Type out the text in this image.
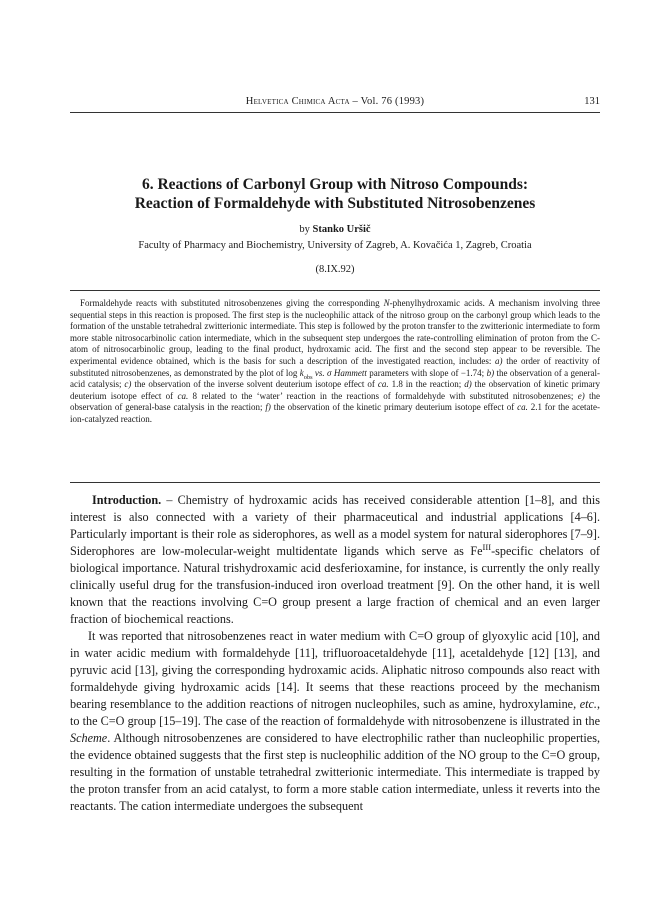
Helvetica Chimica Acta – Vol. 76 (1993)	131
6. Reactions of Carbonyl Group with Nitroso Compounds:
Reaction of Formaldehyde with Substituted Nitrosobenzenes
by Stanko Uršič
Faculty of Pharmacy and Biochemistry, University of Zagreb, A. Kovačića 1, Zagreb, Croatia
(8.IX.92)
Formaldehyde reacts with substituted nitrosobenzenes giving the corresponding N-phenylhydroxamic acids. A mechanism involving three sequential steps in this reaction is proposed. The first step is the nucleophilic attack of the nitroso group on the carbonyl group which leads to the formation of the unstable tetrahedral zwitterionic intermediate. This step is followed by the proton transfer to the zwitterionic intermediate to form more stable nitrosocarbinolic cation intermediate, which in the subsequent step undergoes the rate-controlling elimination of proton from the C-atom of nitrosocarbinolic group, leading to the final product, hydroxamic acid. The first and the second step appear to be reversible. The experimental evidence obtained, which is the basis for such a description of the investigated reaction, includes: a) the order of reactivity of substituted nitrosobenzenes, as demonstrated by the plot of $\log k_{obs}$ vs. σ Hammett parameters with slope of −1.74; b) the observation of a general-acid catalysis; c) the observation of the inverse solvent deuterium isotope effect of ca. 1.8 in the reaction; d) the observation of kinetic primary deuterium isotope effect of ca. 8 related to the ‘water’ reaction in the reactions of formaldehyde with substituted nitrosobenzenes; e) the observation of general-base catalysis in the reaction; f) the observation of the kinetic primary deuterium isotope effect of ca. 2.1 for the acetate-ion-catalyzed reaction.

Introduction. – Chemistry of hydroxamic acids has received considerable attention [1–8], and this interest is also connected with a variety of their pharmaceutical and industrial applications [4–6]. Particularly important is their role as siderophores, as well as a model system for natural siderophores [7–9]. Siderophores are low-molecular-weight multidentate ligands which serve as $Fe^{III}$-specific chelators of biological importance. Natural trishydroxamic acid desferioxamine, for instance, is currently the only really clinically useful drug for the transfusion-induced iron overload treatment [9]. On the other hand, it is well known that the reactions involving C=O group present a large fraction of chemical and an even larger fraction of biochemical reactions.

It was reported that nitrosobenzenes react in water medium with C=O group of glyoxylic acid [10], and in water acidic medium with formaldehyde [11], trifluoroacetaldehyde [11], acetaldehyde [12] [13], and pyruvic acid [13], giving the corresponding hydroxamic acids. Aliphatic nitroso compounds also react with formaldehyde giving hydroxamic acids [14]. It seems that these reactions proceed by the mechanism bearing resemblance to the addition reactions of nitrogen nucleophiles, such as amine, hydroxylamine, etc., to the C=O group [15–19]. The case of the reaction of formaldehyde with nitrosobenzene is illustrated in the Scheme. Although nitrosobenzenes are considered to have electrophilic rather than nucleophilic properties, the evidence obtained suggests that the first step is nucleophilic addition of the NO group to the C=O group, resulting in the formation of unstable tetrahedral zwitterionic intermediate. This intermediate is trapped by the proton transfer from an acid catalyst, to form a more stable cation intermediate, unless it reverts into the reactants. The cation intermediate undergoes the subsequent
